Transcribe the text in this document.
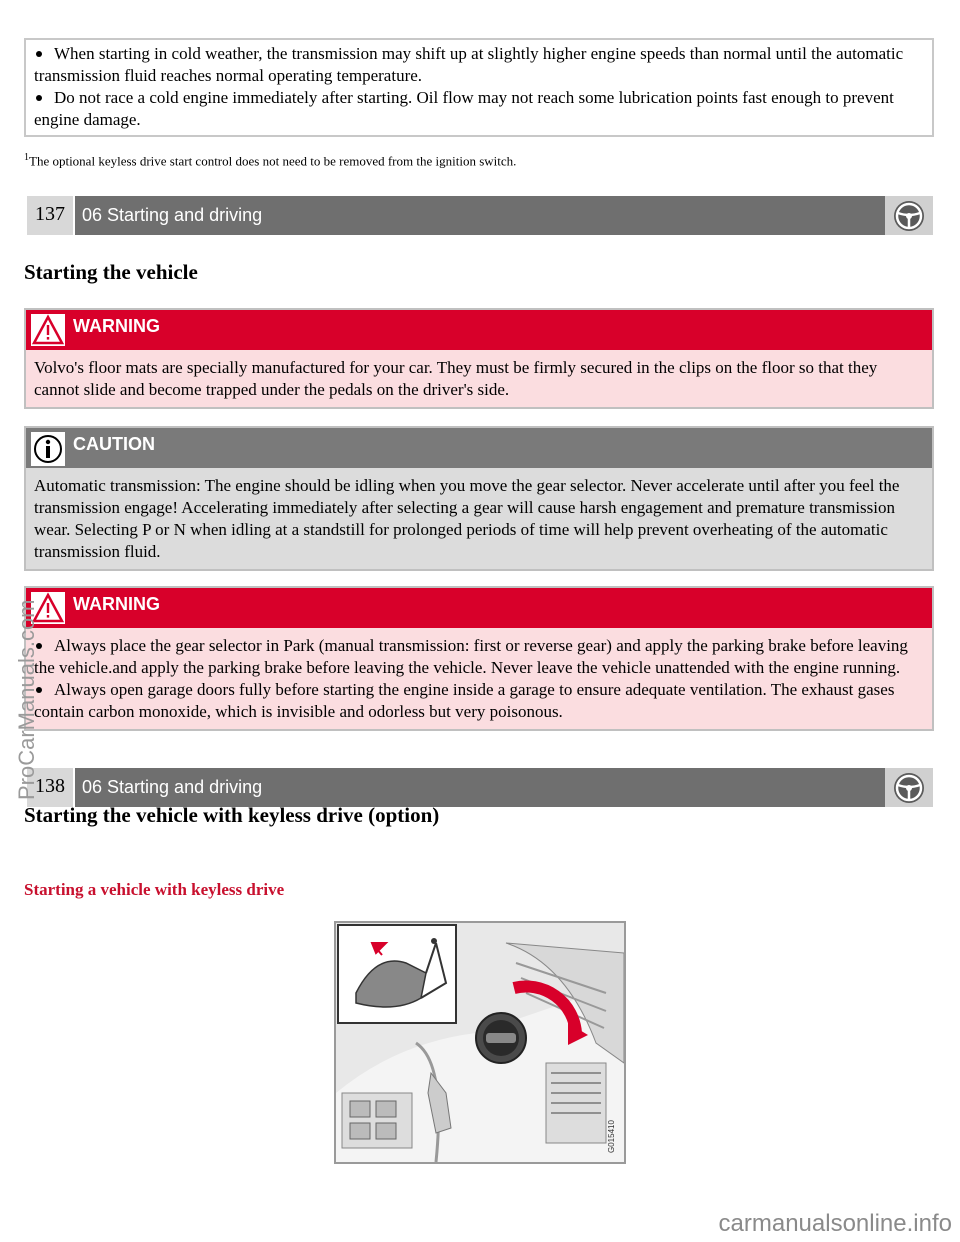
When starting in cold weather, the transmission may shift up at slightly higher engine speeds than normal until the automatic transmission fluid reaches normal operating temperature.
Do not race a cold engine immediately after starting. Oil flow may not reach some lubrication points fast enough to prevent engine damage.
$^1$The optional keyless drive start control does not need to be removed from the ignition switch.
137 06 Starting and driving
Starting the vehicle
WARNING
Volvo's floor mats are specially manufactured for your car. They must be firmly secured in the clips on the floor so that they cannot slide and become trapped under the pedals on the driver's side.
CAUTION
Automatic transmission: The engine should be idling when you move the gear selector. Never accelerate until after you feel the transmission engage! Accelerating immediately after selecting a gear will cause harsh engagement and premature transmission wear. Selecting P or N when idling at a standstill for prolonged periods of time will help prevent overheating of the automatic transmission fluid.
WARNING
Always place the gear selector in Park (manual transmission: first or reverse gear) and apply the parking brake before leaving the vehicle.and apply the parking brake before leaving the vehicle. Never leave the vehicle unattended with the engine running.
Always open garage doors fully before starting the engine inside a garage to ensure adequate ventilation. The exhaust gases contain carbon monoxide, which is invisible and odorless but very poisonous.
138 06 Starting and driving
Starting the vehicle with keyless drive (option)
Starting a vehicle with keyless drive
G015410
ProCarManuals.com
carmanualsonline.info
